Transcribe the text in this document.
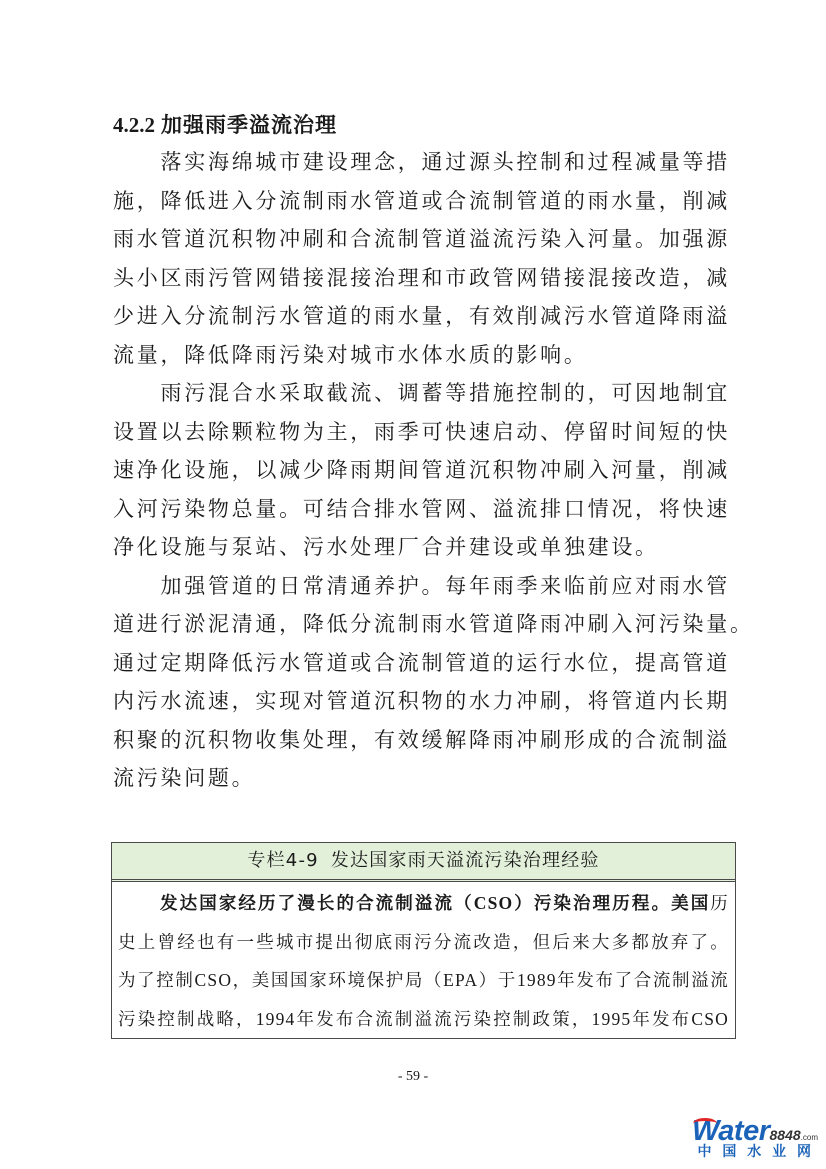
4.2.2 加强雨季溢流治理
落实海绵城市建设理念，通过源头控制和过程减量等措
施，降低进入分流制雨水管道或合流制管道的雨水量，削减
雨水管道沉积物冲刷和合流制管道溢流污染入河量。加强源
头小区雨污管网错接混接治理和市政管网错接混接改造，减
少进入分流制污水管道的雨水量，有效削减污水管道降雨溢
流量，降低降雨污染对城市水体水质的影响。
雨污混合水采取截流、调蓄等措施控制的，可因地制宜
设置以去除颗粒物为主，雨季可快速启动、停留时间短的快
速净化设施，以减少降雨期间管道沉积物冲刷入河量，削减
入河污染物总量。可结合排水管网、溢流排口情况，将快速
净化设施与泵站、污水处理厂合并建设或单独建设。
加强管道的日常清通养护。每年雨季来临前应对雨水管
道进行淤泥清通，降低分流制雨水管道降雨冲刷入河污染量。
通过定期降低污水管道或合流制管道的运行水位，提高管道
内污水流速，实现对管道沉积物的水力冲刷，将管道内长期
积聚的沉积物收集处理，有效缓解降雨冲刷形成的合流制溢
流污染问题。
专栏4-9 发达国家雨天溢流污染治理经验
发达国家经历了漫长的合流制溢流（CSO）污染治理历程。美国历
史上曾经也有一些城市提出彻底雨污分流改造，但后来大多都放弃了。
为了控制CSO，美国国家环境保护局（EPA）于1989年发布了合流制溢流
污染控制战略，1994年发布合流制溢流污染控制政策，1995年发布CSO
- 59 -
Water8848.com
中 国 水 业 网
